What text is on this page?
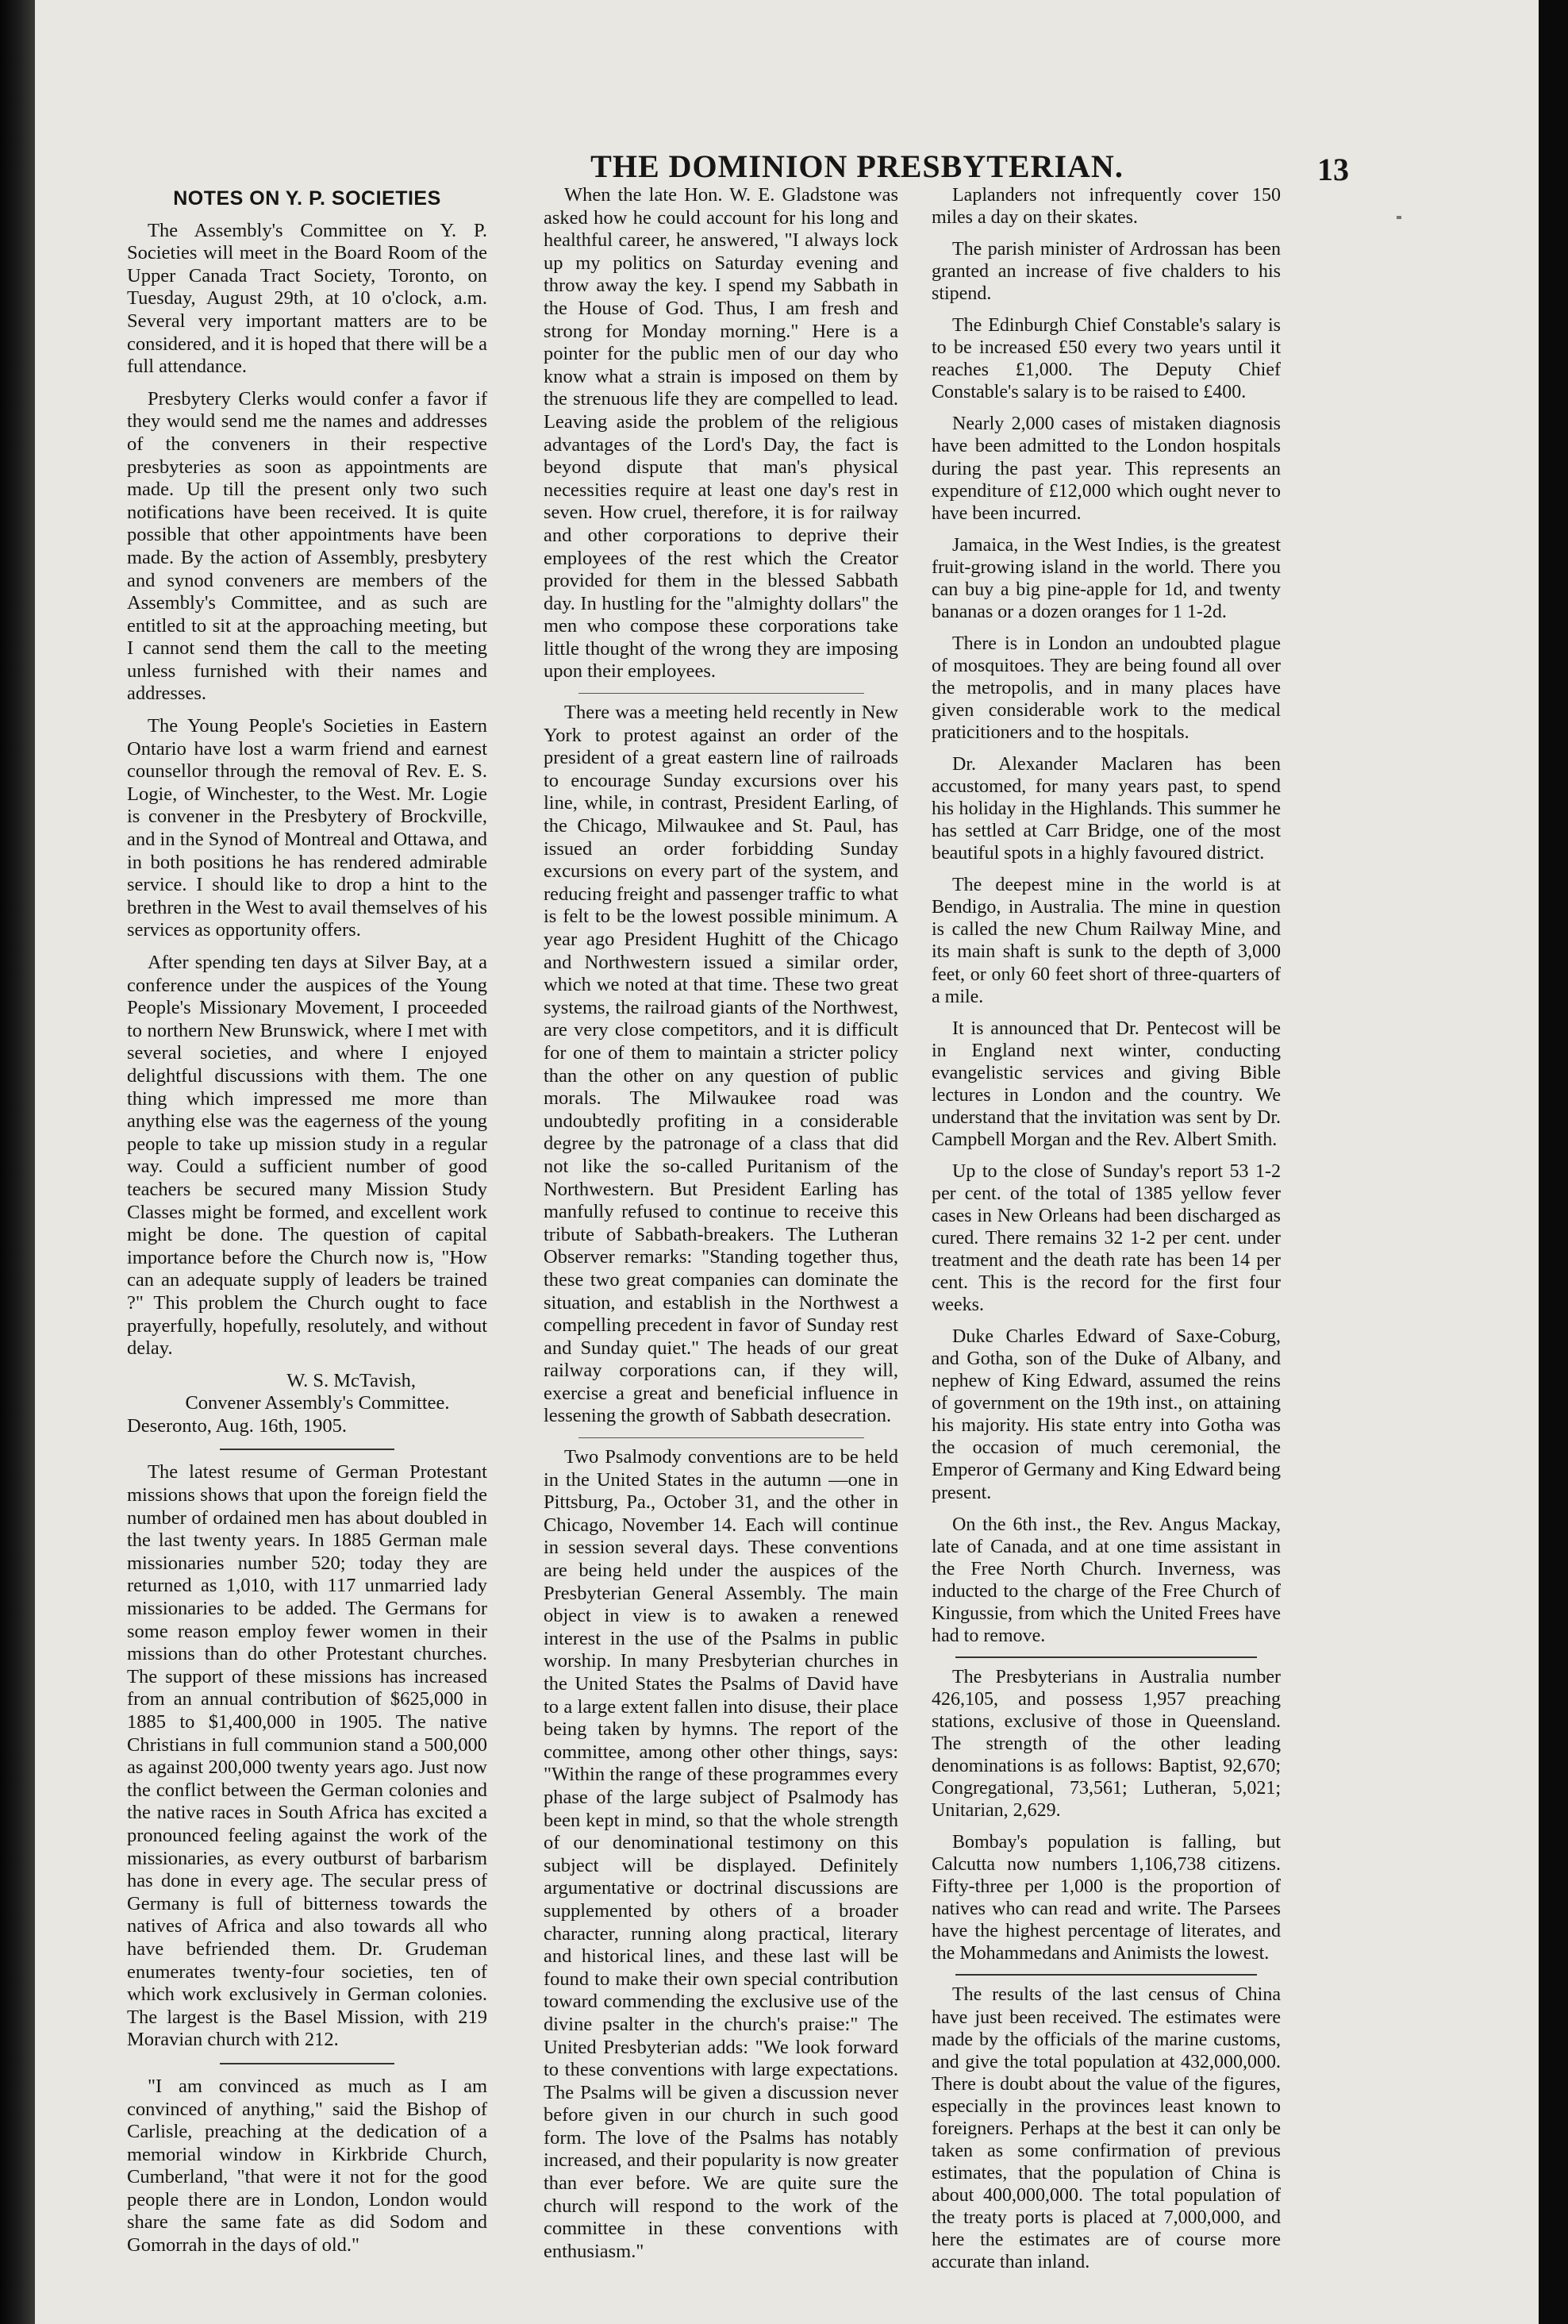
THE DOMINION PRESBYTERIAN.	13
NOTES ON Y. P. SOCIETIES

The Assembly's Committee on Y. P. Societies will meet in the Board Room of the Upper Canada Tract Society, Toronto, on Tuesday, August 29th, at 10 o'clock, a.m. Several very important matters are to be considered, and it is hoped that there will be a full attendance.

Presbytery Clerks would confer a favor if they would send me the names and addresses of the conveners in their respective presbyteries as soon as appointments are made. Up till the present only two such notifications have been received. It is quite possible that other appointments have been made. By the action of Assembly, presbytery and synod conveners are members of the Assembly's Committee, and as such are entitled to sit at the approaching meeting, but I cannot send them the call to the meeting unless furnished with their names and addresses.

The Young People's Societies in Eastern Ontario have lost a warm friend and earnest counsellor through the removal of Rev. E. S. Logie, of Winchester, to the West. Mr. Logie is convener in the Presbytery of Brockville, and in the Synod of Montreal and Ottawa, and in both positions he has rendered admirable service. I should like to drop a hint to the brethren in the West to avail themselves of his services as opportunity offers.

After spending ten days at Silver Bay, at a conference under the auspices of the Young People's Missionary Movement, I proceeded to northern New Brunswick, where I met with several societies, and where I enjoyed delightful discussions with them. The one thing which impressed me more than anything else was the eagerness of the young people to take up mission study in a regular way. Could a sufficient number of good teachers be secured many Mission Study Classes might be formed, and excellent work might be done. The question of capital importance before the Church now is, "How can an adequate supply of leaders be trained ?" This problem the Church ought to face prayerfully, hopefully, resolutely, and without delay.

W. S. McTavish,

Convener Assembly's Committee.

Deseronto, Aug. 16th, 1905.

The latest resume of German Protestant missions shows that upon the foreign field the number of ordained men has about doubled in the last twenty years. In 1885 German male missionaries number 520; today they are returned as 1,010, with 117 unmarried lady missionaries to be added. The Germans for some reason employ fewer women in their missions than do other Protestant churches. The support of these missions has increased from an annual contribution of $625,000 in 1885 to $1,400,000 in 1905. The native Christians in full communion stand a 500,000 as against 200,000 twenty years ago. Just now the conflict between the German colonies and the native races in South Africa has excited a pronounced feeling against the work of the missionaries, as every outburst of barbarism has done in every age. The secular press of Germany is full of bitterness towards the natives of Africa and also towards all who have befriended them. Dr. Grudeman enumerates twenty-four societies, ten of which work exclusively in German colonies. The largest is the Basel Mission, with 219 Moravian church with 212.

"I am convinced as much as I am convinced of anything," said the Bishop of Carlisle, preaching at the dedication of a memorial window in Kirkbride Church, Cumberland, "that were it not for the good people there are in London, London would share the same fate as did Sodom and Gomorrah in the days of old."

When the late Hon. W. E. Gladstone was asked how he could account for his long and healthful career, he answered, "I always lock up my politics on Saturday evening and throw away the key. I spend my Sabbath in the House of God. Thus, I am fresh and strong for Monday morning." Here is a pointer for the public men of our day who know what a strain is imposed on them by the strenuous life they are compelled to lead. Leaving aside the problem of the religious advantages of the Lord's Day, the fact is beyond dispute that man's physical necessities require at least one day's rest in seven. How cruel, therefore, it is for railway and other corporations to deprive their employees of the rest which the Creator provided for them in the blessed Sabbath day. In hustling for the "almighty dollars" the men who compose these corporations take little thought of the wrong they are imposing upon their employees.

There was a meeting held recently in New York to protest against an order of the president of a great eastern line of railroads to encourage Sunday excursions over his line, while, in contrast, President Earling, of the Chicago, Milwaukee and St. Paul, has issued an order forbidding Sunday excursions on every part of the system, and reducing freight and passenger traffic to what is felt to be the lowest possible minimum. A year ago President Hughitt of the Chicago and Northwestern issued a similar order, which we noted at that time. These two great systems, the railroad giants of the Northwest, are very close competitors, and it is difficult for one of them to maintain a stricter policy than the other on any question of public morals. The Milwaukee road was undoubtedly profiting in a considerable degree by the patronage of a class that did not like the so-called Puritanism of the Northwestern. But President Earling has manfully refused to continue to receive this tribute of Sabbath-breakers. The Lutheran Observer remarks: "Standing together thus, these two great companies can dominate the situation, and establish in the Northwest a compelling precedent in favor of Sunday rest and Sunday quiet." The heads of our great railway corporations can, if they will, exercise a great and beneficial influence in lessening the growth of Sabbath desecration.

Two Psalmody conventions are to be held in the United States in the autumn —one in Pittsburg, Pa., October 31, and the other in Chicago, November 14. Each will continue in session several days. These conventions are being held under the auspices of the Presbyterian General Assembly. The main object in view is to awaken a renewed interest in the use of the Psalms in public worship. In many Presbyterian churches in the United States the Psalms of David have to a large extent fallen into disuse, their place being taken by hymns. The report of the committee, among other other things, says: "Within the range of these programmes every phase of the large subject of Psalmody has been kept in mind, so that the whole strength of our denominational testimony on this subject will be displayed. Definitely argumentative or doctrinal discussions are supplemented by others of a broader character, running along practical, literary and historical lines, and these last will be found to make their own special contribution toward commending the exclusive use of the divine psalter in the church's praise:" The United Presbyterian adds: "We look forward to these conventions with large expectations. The Psalms will be given a discussion never before given in our church in such good form. The love of the Psalms has notably increased, and their popularity is now greater than ever before. We are quite sure the church will respond to the work of the committee in these conventions with enthusiasm."

Laplanders not infrequently cover 150 miles a day on their skates.

The parish minister of Ardrossan has been granted an increase of five chalders to his stipend.

The Edinburgh Chief Constable's salary is to be increased £50 every two years until it reaches £1,000. The Deputy Chief Constable's salary is to be raised to £400.

Nearly 2,000 cases of mistaken diagnosis have been admitted to the London hospitals during the past year. This represents an expenditure of £12,000 which ought never to have been incurred.

Jamaica, in the West Indies, is the greatest fruit-growing island in the world. There you can buy a big pine-apple for 1d, and twenty bananas or a dozen oranges for 1 1-2d.

There is in London an undoubted plague of mosquitoes. They are being found all over the metropolis, and in many places have given considerable work to the medical praticitioners and to the hospitals.

Dr. Alexander Maclaren has been accustomed, for many years past, to spend his holiday in the Highlands. This summer he has settled at Carr Bridge, one of the most beautiful spots in a highly favoured district.

The deepest mine in the world is at Bendigo, in Australia. The mine in question is called the new Chum Railway Mine, and its main shaft is sunk to the depth of 3,000 feet, or only 60 feet short of three-quarters of a mile.

It is announced that Dr. Pentecost will be in England next winter, conducting evangelistic services and giving Bible lectures in London and the country. We understand that the invitation was sent by Dr. Campbell Morgan and the Rev. Albert Smith.

Up to the close of Sunday's report 53 1-2 per cent. of the total of 1385 yellow fever cases in New Orleans had been discharged as cured. There remains 32 1-2 per cent. under treatment and the death rate has been 14 per cent. This is the record for the first four weeks.

Duke Charles Edward of Saxe-Coburg, and Gotha, son of the Duke of Albany, and nephew of King Edward, assumed the reins of government on the 19th inst., on attaining his majority. His state entry into Gotha was the occasion of much ceremonial, the Emperor of Germany and King Edward being present.

On the 6th inst., the Rev. Angus Mackay, late of Canada, and at one time assistant in the Free North Church. Inverness, was inducted to the charge of the Free Church of Kingussie, from which the United Frees have had to remove.

The Presbyterians in Australia number 426,105, and possess 1,957 preaching stations, exclusive of those in Queensland. The strength of the other leading denominations is as follows: Baptist, 92,670; Congregational, 73,561; Lutheran, 5,021; Unitarian, 2,629.

Bombay's population is falling, but Calcutta now numbers 1,106,738 citizens. Fifty-three per 1,000 is the proportion of natives who can read and write. The Parsees have the highest percentage of literates, and the Mohammedans and Animists the lowest.

The results of the last census of China have just been received. The estimates were made by the officials of the marine customs, and give the total population at 432,000,000. There is doubt about the value of the figures, especially in the provinces least known to foreigners. Perhaps at the best it can only be taken as some confirmation of previous estimates, that the population of China is about 400,000,000. The total population of the treaty ports is placed at 7,000,000, and here the estimates are of course more accurate than inland.
